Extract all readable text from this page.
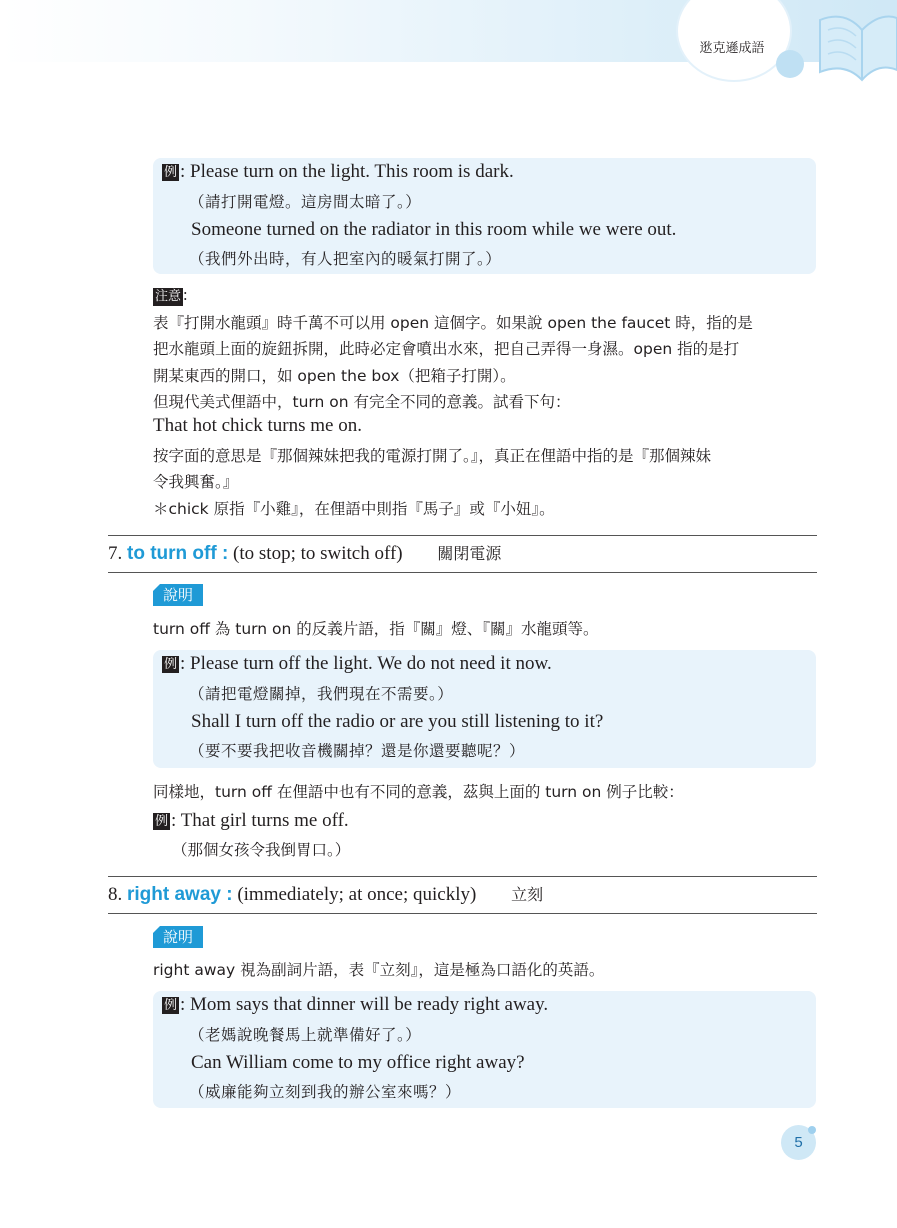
逖克遜成語
例 : Please turn on the light. This room is dark.
（請打開電燈。這房間太暗了。）
Someone turned on the radiator in this room while we were out.
（我們外出時，有人把室內的暖氣打開了。）
注意 :
表『打開水龍頭』時千萬不可以用 open 這個字。如果說 open the faucet 時，指的是
把水龍頭上面的旋鈕拆開，此時必定會噴出水來，把自己弄得一身濕。open 指的是打
開某東西的開口，如 open the box（把箱子打開）。
但現代美式俚語中，turn on 有完全不同的意義。試看下句：
That hot chick turns me on.
按字面的意思是『那個辣妹把我的電源打開了。』，真正在俚語中指的是『那個辣妹
令我興奮。』
＊chick 原指『小雞』，在俚語中則指『馬子』或『小妞』。
7. to turn off : (to stop; to switch off) 關閉電源
說明
turn off 為 turn on 的反義片語，指『關』燈、『關』水龍頭等。
例 : Please turn off the light. We do not need it now.
（請把電燈關掉，我們現在不需要。）
Shall I turn off the radio or are you still listening to it?
（要不要我把收音機關掉？還是你還要聽呢？）
同樣地，turn off 在俚語中也有不同的意義，茲與上面的 turn on 例子比較：
例 : That girl turns me off.
（那個女孩令我倒胃口。）
8. right away : (immediately; at once; quickly) 立刻
說明
right away 視為副詞片語，表『立刻』，這是極為口語化的英語。
例 : Mom says that dinner will be ready right away.
（老媽說晚餐馬上就準備好了。）
Can William come to my office right away?
（威廉能夠立刻到我的辦公室來嗎？）
5
